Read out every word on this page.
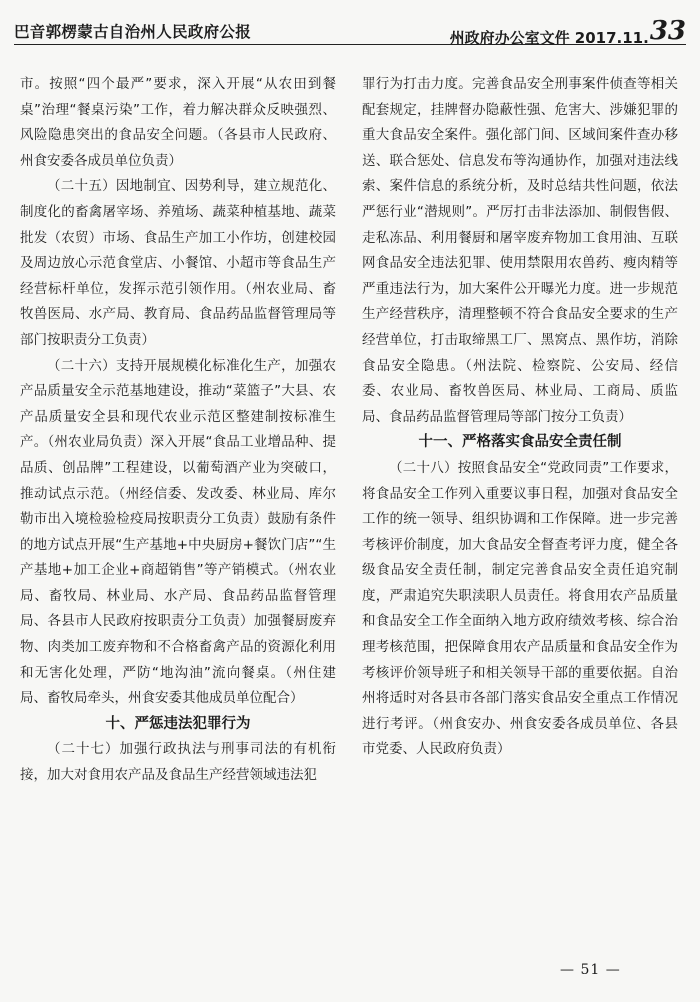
巴音郭楞蒙古自治州人民政府公报	州政府办公室文件 2017.11.33

市。按照“四个最严”要求，深入开展“从农田到餐桌”治理“餐桌污染”工作，着力解决群众反映强烈、风险隐患突出的食品安全问题。（各县市人民政府、州食安委各成员单位负责）

（二十五）因地制宜、因势利导，建立规范化、制度化的畜禽屠宰场、养殖场、蔬菜种植基地、蔬菜批发（农贸）市场、食品生产加工小作坊，创建校园及周边放心示范食堂店、小餐馆、小超市等食品生产经营标杆单位，发挥示范引领作用。（州农业局、畜牧兽医局、水产局、教育局、食品药品监督管理局等部门按职责分工负责）

（二十六）支持开展规模化标准化生产，加强农产品质量安全示范基地建设，推动“菜篮子”大县、农产品质量安全县和现代农业示范区整建制按标准生产。（州农业局负责）深入开展“食品工业增品种、提品质、创品牌”工程建设，以葡萄酒产业为突破口，推动试点示范。（州经信委、发改委、林业局、库尔勒市出入境检验检疫局按职责分工负责）鼓励有条件的地方试点开展“生产基地+中央厨房+餐饮门店”“生产基地+加工企业+商超销售”等产销模式。（州农业局、畜牧局、林业局、水产局、食品药品监督管理局、各县市人民政府按职责分工负责）加强餐厨废弃物、肉类加工废弃物和不合格畜禽产品的资源化利用和无害化处理，严防“地沟油”流向餐桌。（州住建局、畜牧局牵头，州食安委其他成员单位配合）

十、严惩违法犯罪行为

（二十七）加强行政执法与刑事司法的有机衔接，加大对食用农产品及食品生产经营领域违法犯

罪行为打击力度。完善食品安全刑事案件侦查等相关配套规定，挂牌督办隐蔽性强、危害大、涉嫌犯罪的重大食品安全案件。强化部门间、区域间案件查办移送、联合惩处、信息发布等沟通协作，加强对违法线索、案件信息的系统分析，及时总结共性问题，依法严惩行业“潜规则”。严厉打击非法添加、制假售假、走私冻品、利用餐厨和屠宰废弃物加工食用油、互联网食品安全违法犯罪、使用禁限用农兽药、瘦肉精等严重违法行为，加大案件公开曝光力度。进一步规范生产经营秩序，清理整顿不符合食品安全要求的生产经营单位，打击取缔黑工厂、黑窝点、黑作坊，消除食品安全隐患。（州法院、检察院、公安局、经信委、农业局、畜牧兽医局、林业局、工商局、质监局、食品药品监督管理局等部门按分工负责）

十一、严格落实食品安全责任制

（二十八）按照食品安全“党政同责”工作要求，将食品安全工作列入重要议事日程，加强对食品安全工作的统一领导、组织协调和工作保障。进一步完善考核评价制度，加大食品安全督查考评力度，健全各级食品安全责任制，制定完善食品安全责任追究制度，严肃追究失职渎职人员责任。将食用农产品质量和食品安全工作全面纳入地方政府绩效考核、综合治理考核范围，把保障食用农产品质量和食品安全作为考核评价领导班子和相关领导干部的重要依据。自治州将适时对各县市各部门落实食品安全重点工作情况进行考评。（州食安办、州食安委各成员单位、各县市党委、人民政府负责）

— 51 —
